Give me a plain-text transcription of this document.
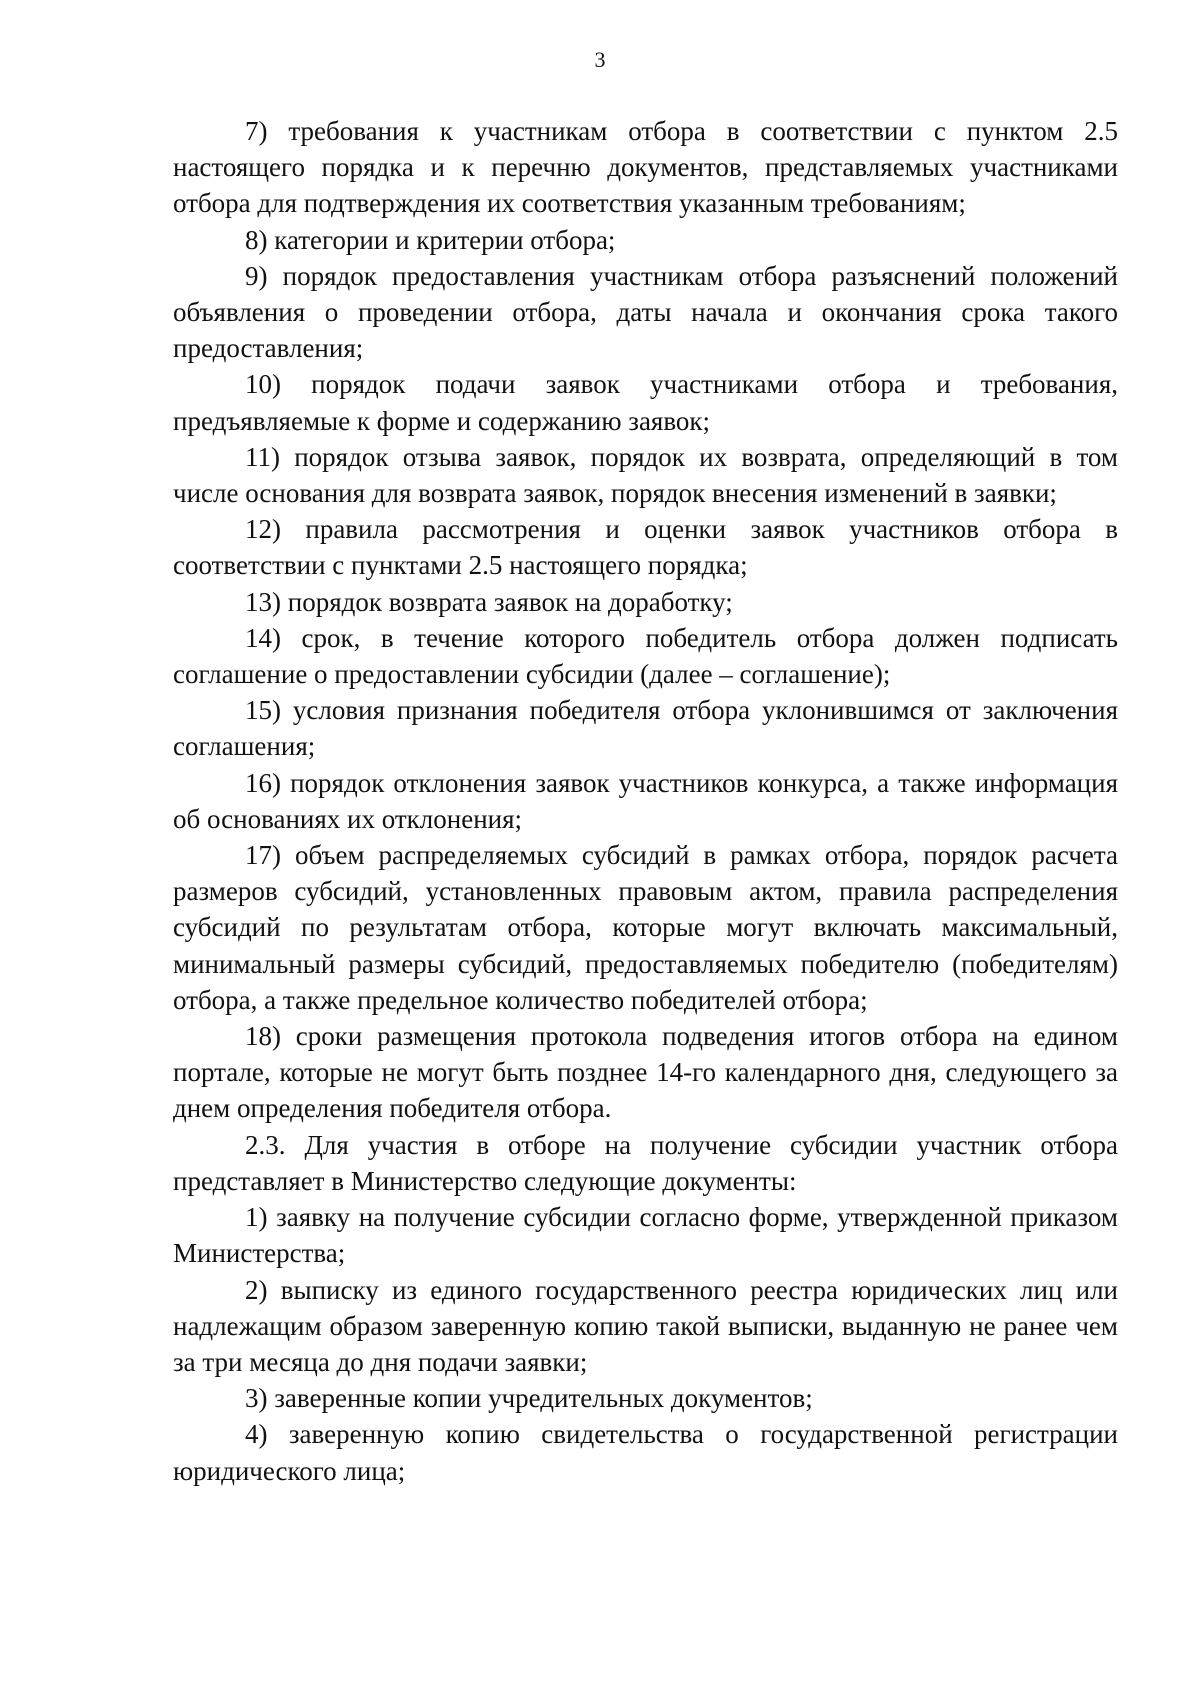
3

7) требования к участникам отбора в соответствии с пунктом 2.5 настоящего порядка и к перечню документов, представляемых участниками отбора для подтверждения их соответствия указанным требованиям;

8) категории и критерии отбора;

9) порядок предоставления участникам отбора разъяснений положений объявления о проведении отбора, даты начала и окончания срока такого предоставления;

10) порядок подачи заявок участниками отбора и требования, предъявляемые к форме и содержанию заявок;

11) порядок отзыва заявок, порядок их возврата, определяющий в том числе основания для возврата заявок, порядок внесения изменений в заявки;

12) правила рассмотрения и оценки заявок участников отбора в соответствии с пунктами 2.5 настоящего порядка;

13) порядок возврата заявок на доработку;

14) срок, в течение которого победитель отбора должен подписать соглашение о предоставлении субсидии (далее – соглашение);

15) условия признания победителя отбора уклонившимся от заключения соглашения;

16) порядок отклонения заявок участников конкурса, а также информация об основаниях их отклонения;

17) объем распределяемых субсидий в рамках отбора, порядок расчета размеров субсидий, установленных правовым актом, правила распределения субсидий по результатам отбора, которые могут включать максимальный, минимальный размеры субсидий, предоставляемых победителю (победителям) отбора, а также предельное количество победителей отбора;

18) сроки размещения протокола подведения итогов отбора на едином портале, которые не могут быть позднее 14-го календарного дня, следующего за днем определения победителя отбора.

2.3. Для участия в отборе на получение субсидии участник отбора представляет в Министерство следующие документы:

1) заявку на получение субсидии согласно форме, утвержденной приказом Министерства;

2) выписку из единого государственного реестра юридических лиц или надлежащим образом заверенную копию такой выписки, выданную не ранее чем за три месяца до дня подачи заявки;

3) заверенные копии учредительных документов;

4) заверенную копию свидетельства о государственной регистрации юридического лица;
